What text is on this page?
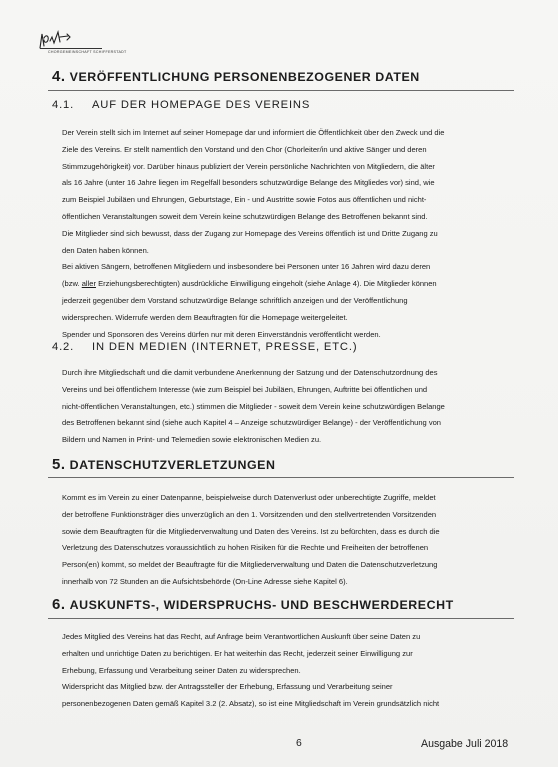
CHORGEMEINSCHAFT SCHIFFERSTADT
4. VERÖFFENTLICHUNG PERSONENBEZOGENER DATEN
4.1. AUF DER HOMEPAGE DES VEREINS
Der Verein stellt sich im Internet auf seiner Homepage dar und informiert die Öffentlichkeit über den Zweck und die
Ziele des Vereins. Er stellt namentlich den Vorstand und den Chor (Chorleiter/in und aktive Sänger und deren
Stimmzugehörigkeit) vor. Darüber hinaus publiziert der Verein persönliche Nachrichten von Mitgliedern, die älter
als 16 Jahre (unter 16 Jahre liegen im Regelfall besonders schutzwürdige Belange des Mitgliedes vor) sind, wie
zum Beispiel Jubiläen und Ehrungen, Geburtstage, Ein - und Austritte sowie Fotos aus öffentlichen und nicht-
öffentlichen Veranstaltungen soweit dem Verein keine schutzwürdigen Belange des Betroffenen bekannt sind.
Die Mitglieder sind sich bewusst, dass der Zugang zur Homepage des Vereins öffentlich ist und Dritte Zugang zu
den Daten haben können.
Bei aktiven Sängern, betroffenen Mitgliedern und insbesondere bei Personen unter 16 Jahren wird dazu deren
(bzw. aller Erziehungsberechtigten) ausdrückliche Einwilligung eingeholt (siehe Anlage 4). Die Mitglieder können
jederzeit gegenüber dem Vorstand schutzwürdige Belange schriftlich anzeigen und der Veröffentlichung
widersprechen. Widerrufe werden dem Beauftragten für die Homepage weitergeleitet.
Spender und Sponsoren des Vereins dürfen nur mit deren Einverständnis veröffentlicht werden.
4.2. IN DEN MEDIEN (INTERNET, PRESSE, ETC.)
Durch ihre Mitgliedschaft und die damit verbundene Anerkennung der Satzung und der Datenschutzordnung des
Vereins und bei öffentlichem Interesse (wie zum Beispiel bei Jubiläen, Ehrungen, Auftritte bei öffentlichen und
nicht-öffentlichen Veranstaltungen, etc.) stimmen die Mitglieder - soweit dem Verein keine schutzwürdigen Belange
des Betroffenen bekannt sind (siehe auch Kapitel 4 – Anzeige schutzwürdiger Belange) - der Veröffentlichung von
Bildern und Namen in Print- und Telemedien sowie elektronischen Medien zu.
5. DATENSCHUTZVERLETZUNGEN
Kommt es im Verein zu einer Datenpanne, beispielweise durch Datenverlust oder unberechtigte Zugriffe, meldet
der betroffene Funktionsträger dies unverzüglich an den 1. Vorsitzenden und den stellvertretenden Vorsitzenden
sowie dem Beauftragten für die Mitgliederverwaltung und Daten des Vereins. Ist zu befürchten, dass es durch die
Verletzung des Datenschutzes voraussichtlich zu hohen Risiken für die Rechte und Freiheiten der betroffenen
Person(en) kommt, so meldet der Beauftragte für die Mitgliederverwaltung und Daten die Datenschutzverletzung
innerhalb von 72 Stunden an die Aufsichtsbehörde (On-Line Adresse siehe Kapitel 6).
6. AUSKUNFTS-, WIDERSPRUCHS- UND BESCHWERDERECHT
Jedes Mitglied des Vereins hat das Recht, auf Anfrage beim Verantwortlichen Auskunft über seine Daten zu
erhalten und unrichtige Daten zu berichtigen. Er hat weiterhin das Recht, jederzeit seiner Einwilligung zur
Erhebung, Erfassung und Verarbeitung seiner Daten zu widersprechen.
Widerspricht das Mitglied bzw. der Antragssteller der Erhebung, Erfassung und Verarbeitung seiner
personenbezogenen Daten gemäß Kapitel 3.2 (2. Absatz), so ist eine Mitgliedschaft im Verein grundsätzlich nicht
6	Ausgabe Juli 2018
